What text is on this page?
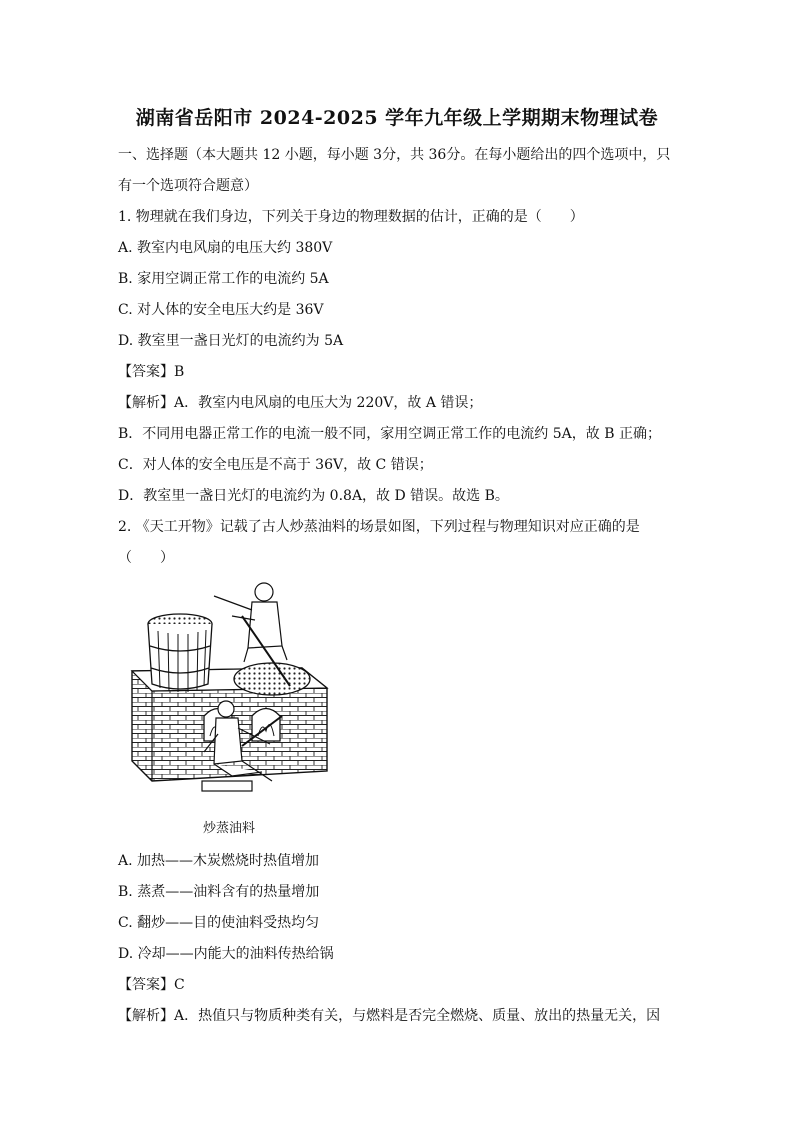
湖南省岳阳市 2024-2025 学年九年级上学期期末物理试卷
一、选择题（本大题共 12 小题，每小题 3分，共 36分。在每小题给出的四个选项中，只
有一个选项符合题意）
1. 物理就在我们身边，下列关于身边的物理数据的估计，正确的是（　　）
A. 教室内电风扇的电压大约 380V
B. 家用空调正常工作的电流约 5A
C. 对人体的安全电压大约是 36V
D. 教室里一盏日光灯的电流约为 5A
【答案】B
【解析】A．教室内电风扇的电压大为 220V，故 A 错误；
B．不同用电器正常工作的电流一般不同，家用空调正常工作的电流约 5A，故 B 正确；
C．对人体的安全电压是不高于 36V，故 C 错误；
D．教室里一盏日光灯的电流约为 0.8A，故 D 错误。故选 B。
2. 《天工开物》记载了古人炒蒸油料的场景如图，下列过程与物理知识对应正确的是
（　　）
炒蒸油料
A. 加热——木炭燃烧时热值增加
B. 蒸煮——油料含有的热量增加
C. 翻炒——目的使油料受热均匀
D. 冷却——内能大的油料传热给锅
【答案】C
【解析】A．热值只与物质种类有关，与燃料是否完全燃烧、质量、放出的热量无关，因
